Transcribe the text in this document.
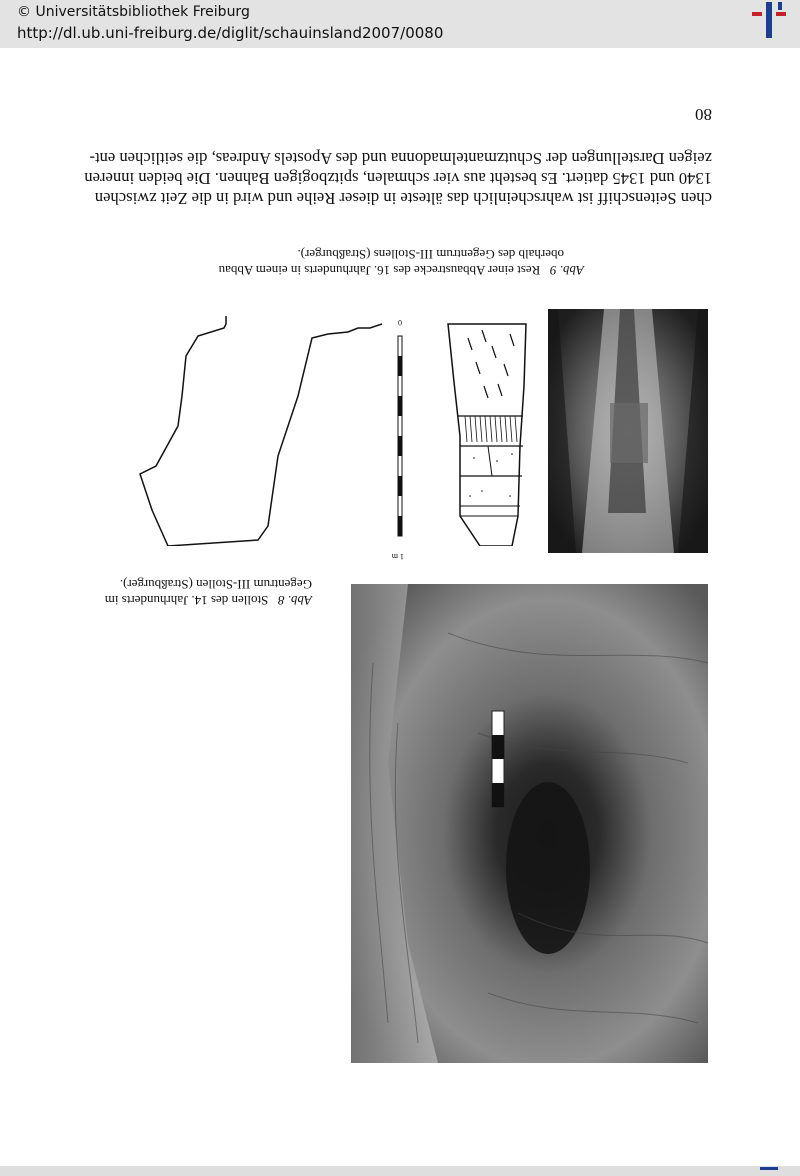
80
chen Seitenschiff ist wahrscheinlich das älteste in dieser Reihe und wird in die Zeit zwischen
1340 und 1345 datiert. Es besteht aus vier schmalen, spitzbogigen Bahnen. Die beiden inneren
zeigen Darstellungen der Schutzmantelmadonna und des Apostels Andreas, die seitlichen ent-
Abb. 9   Rest einer Abbaustrecke des 16. Jahrhunderts in einem Abbau
oberhalb des Gegentrum III-Stollens (Straßburger).
1 m
0
Abb. 8   Stollen des 14. Jahrhunderts im
Gegentrum III-Stollen (Straßburger).
http://dl.ub.uni-freiburg.de/diglit/schauinsland2007/0080
© Universitätsbibliothek Freiburg
